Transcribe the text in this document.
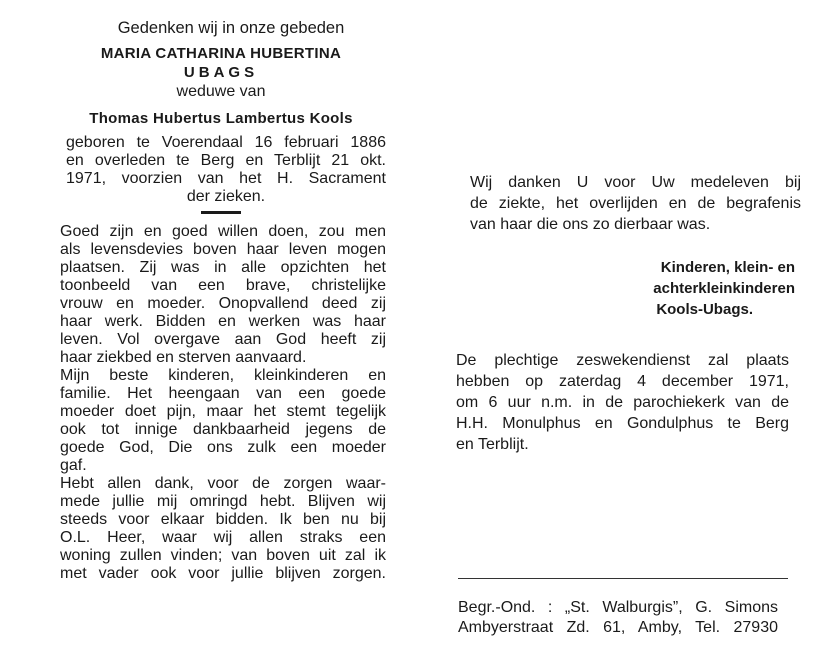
Gedenken wij in onze gebeden
MARIA CATHARINA HUBERTINA
UBAGS
weduwe van
Thomas Hubertus Lambertus Kools
geboren te Voerendaal 16 februari 1886
en overleden te Berg en Terblijt 21 okt.
1971, voorzien van het H. Sacrament
der zieken.
Goed zijn en goed willen doen, zou men
als levensdevies boven haar leven mogen
plaatsen. Zij was in alle opzichten het
toonbeeld van een brave, christelijke
vrouw en moeder. Onopvallend deed zij
haar werk. Bidden en werken was haar
leven. Vol overgave aan God heeft zij
haar ziekbed en sterven aanvaard.
Mijn beste kinderen, kleinkinderen en
familie. Het heengaan van een goede
moeder doet pijn, maar het stemt tegelijk
ook tot innige dankbaarheid jegens de
goede God, Die ons zulk een moeder
gaf.
Hebt allen dank, voor de zorgen waar-
mede jullie mij omringd hebt. Blijven wij
steeds voor elkaar bidden. Ik ben nu bij
O.L. Heer, waar wij allen straks een
woning zullen vinden; van boven uit zal ik
met vader ook voor jullie blijven zorgen.
Wij danken U voor Uw medeleven bij
de ziekte, het overlijden en de begrafenis
van haar die ons zo dierbaar was.
Kinderen, klein- en
achterkleinkinderen
Kools-Ubags.
De plechtige zeswekendienst zal plaats
hebben op zaterdag 4 december 1971,
om 6 uur n.m. in de parochiekerk van de
H.H. Monulphus en Gondulphus te Berg
en Terblijt.
Begr.-Ond. : „St. Walburgis”, G. Simons
Ambyerstraat Zd. 61, Amby, Tel. 27930
